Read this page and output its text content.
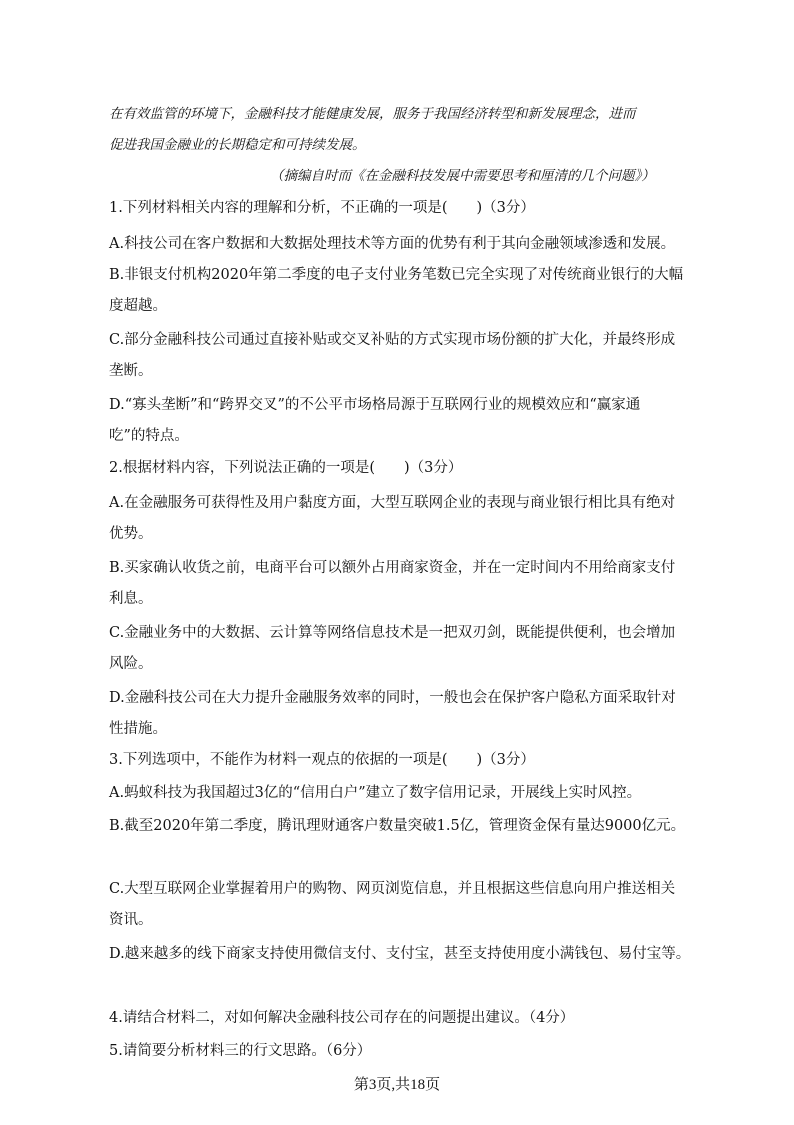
在有效监管的环境下，金融科技才能健康发展，服务于我国经济转型和新发展理念，进而
促进我国金融业的长期稳定和可持续发展。
（摘编自时而《在金融科技发展中需要思考和厘清的几个问题》）
1.下列材料相关内容的理解和分析，不正确的一项是(　　)（3分）
A.科技公司在客户数据和大数据处理技术等方面的优势有利于其向金融领域渗透和发展。
B.非银支付机构2020年第二季度的电子支付业务笔数已完全实现了对传统商业银行的大幅
度超越。
C.部分金融科技公司通过直接补贴或交叉补贴的方式实现市场份额的扩大化，并最终形成
垄断。
D.“寡头垄断”和“跨界交叉”的不公平市场格局源于互联网行业的规模效应和“赢家通
吃”的特点。
2.根据材料内容，下列说法正确的一项是(　　)（3分）
A.在金融服务可获得性及用户黏度方面，大型互联网企业的表现与商业银行相比具有绝对
优势。
B.买家确认收货之前，电商平台可以额外占用商家资金，并在一定时间内不用给商家支付
利息。
C.金融业务中的大数据、云计算等网络信息技术是一把双刃剑，既能提供便利，也会增加
风险。
D.金融科技公司在大力提升金融服务效率的同时，一般也会在保护客户隐私方面采取针对
性措施。
3.下列选项中，不能作为材料一观点的依据的一项是(　　)（3分）
A.蚂蚁科技为我国超过3亿的“信用白户”建立了数字信用记录，开展线上实时风控。
B.截至2020年第二季度，腾讯理财通客户数量突破1.5亿，管理资金保有量达9000亿元。
C.大型互联网企业掌握着用户的购物、网页浏览信息，并且根据这些信息向用户推送相关
资讯。
D.越来越多的线下商家支持使用微信支付、支付宝，甚至支持使用度小满钱包、易付宝等。
4.请结合材料二，对如何解决金融科技公司存在的问题提出建议。（4分）
5.请简要分析材料三的行文思路。（6分）
第3页,共18页
